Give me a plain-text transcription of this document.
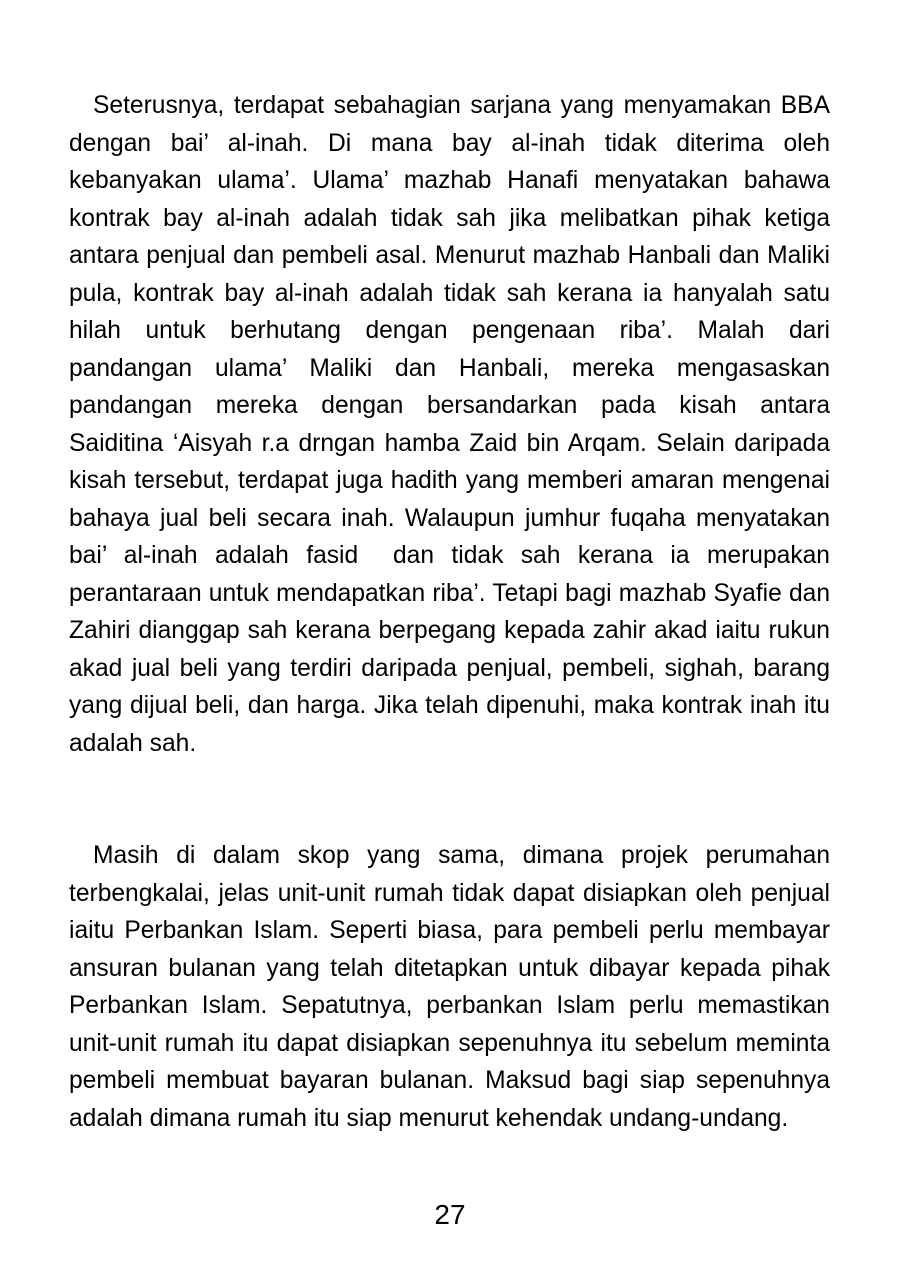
Seterusnya, terdapat sebahagian sarjana yang menyamakan BBA dengan bai’ al-inah. Di mana bay al-inah tidak diterima oleh kebanyakan ulama’. Ulama’ mazhab Hanafi menyatakan bahawa kontrak bay al-inah adalah tidak sah jika melibatkan pihak ketiga antara penjual dan pembeli asal. Menurut mazhab Hanbali dan Maliki pula, kontrak bay al-inah adalah tidak sah kerana ia hanyalah satu hilah untuk berhutang dengan pengenaan riba’. Malah dari pandangan ulama’ Maliki dan Hanbali, mereka mengasaskan pandangan mereka dengan bersandarkan pada kisah antara Saiditina ‘Aisyah r.a drngan hamba Zaid bin Arqam. Selain daripada kisah tersebut, terdapat juga hadith yang memberi amaran mengenai bahaya jual beli secara inah. Walaupun jumhur fuqaha menyatakan bai’ al-inah adalah fasid  dan tidak sah kerana ia merupakan perantaraan untuk mendapatkan riba’. Tetapi bagi mazhab Syafie dan Zahiri dianggap sah kerana berpegang kepada zahir akad iaitu rukun akad jual beli yang terdiri daripada penjual, pembeli, sighah, barang yang dijual beli, dan harga. Jika telah dipenuhi, maka kontrak inah itu adalah sah.

Masih di dalam skop yang sama, dimana projek perumahan terbengkalai, jelas unit-unit rumah tidak dapat disiapkan oleh penjual iaitu Perbankan Islam. Seperti biasa, para pembeli perlu membayar ansuran bulanan yang telah ditetapkan untuk dibayar kepada pihak Perbankan Islam. Sepatutnya, perbankan Islam perlu memastikan unit-unit rumah itu dapat disiapkan sepenuhnya itu sebelum meminta pembeli membuat bayaran bulanan. Maksud bagi siap sepenuhnya adalah dimana rumah itu siap menurut kehendak undang-undang.

27
